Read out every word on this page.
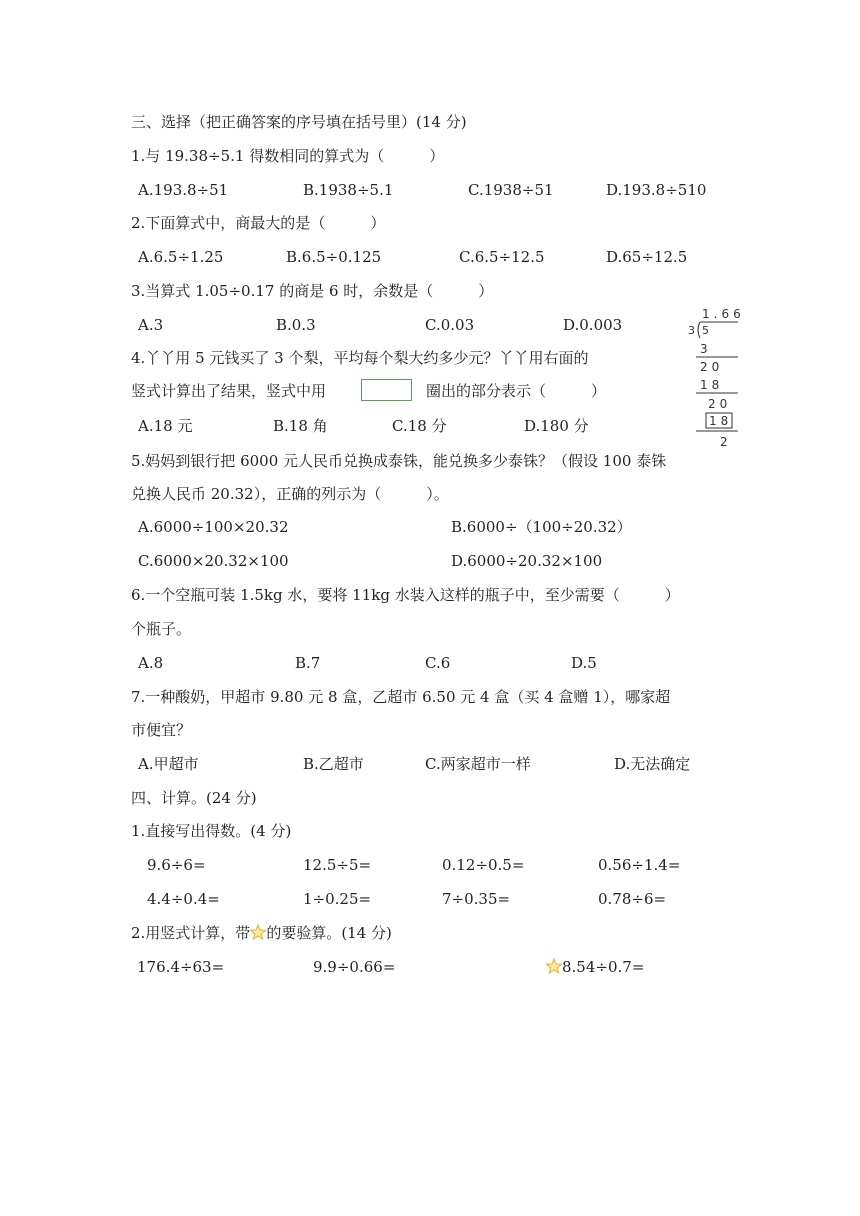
三、选择（把正确答案的序号填在括号里）(14 分)
1.与 19.38÷5.1 得数相同的算式为（　　　）
A.193.8÷51	B.1938÷5.1	C.1938÷51	D.193.8÷510
2.下面算式中，商最大的是（　　　）
A.6.5÷1.25	B.6.5÷0.125	C.6.5÷12.5	D.65÷12.5
3.当算式 1.05÷0.17 的商是 6 时，余数是（　　　）
A.3	B.0.3	C.0.03	D.0.003
4.丫丫用 5 元钱买了 3 个梨，平均每个梨大约多少元？丫丫用右面的
竖式计算出了结果，竖式中用	圈出的部分表示（　　　）
A.18 元	B.18 角	C.18 分	D.180 分
1.66
3 5
3
20
18
20
18
2
5.妈妈到银行把 6000 元人民币兑换成泰铢，能兑换多少泰铢？（假设 100 泰铢
兑换人民币 20.32），正确的列示为（　　　）。
A.6000÷100×20.32	B.6000÷（100÷20.32）
C.6000×20.32×100	D.6000÷20.32×100
6.一个空瓶可装 1.5kg 水，要将 11kg 水装入这样的瓶子中，至少需要（　　　）
个瓶子。
A.8	B.7	C.6	D.5
7.一种酸奶，甲超市 9.80 元 8 盒，乙超市 6.50 元 4 盒（买 4 盒赠 1），哪家超
市便宜？
A.甲超市	B.乙超市	C.两家超市一样	D.无法确定
四、计算。(24 分)
1.直接写出得数。(4 分)
9.6÷6=	12.5÷5=	0.12÷0.5=	0.56÷1.4=
4.4÷0.4=	1÷0.25=	7÷0.35=	0.78÷6=
2.用竖式计算，带 的要验算。(14 分)
176.4÷63=	9.9÷0.66=	8.54÷0.7=
